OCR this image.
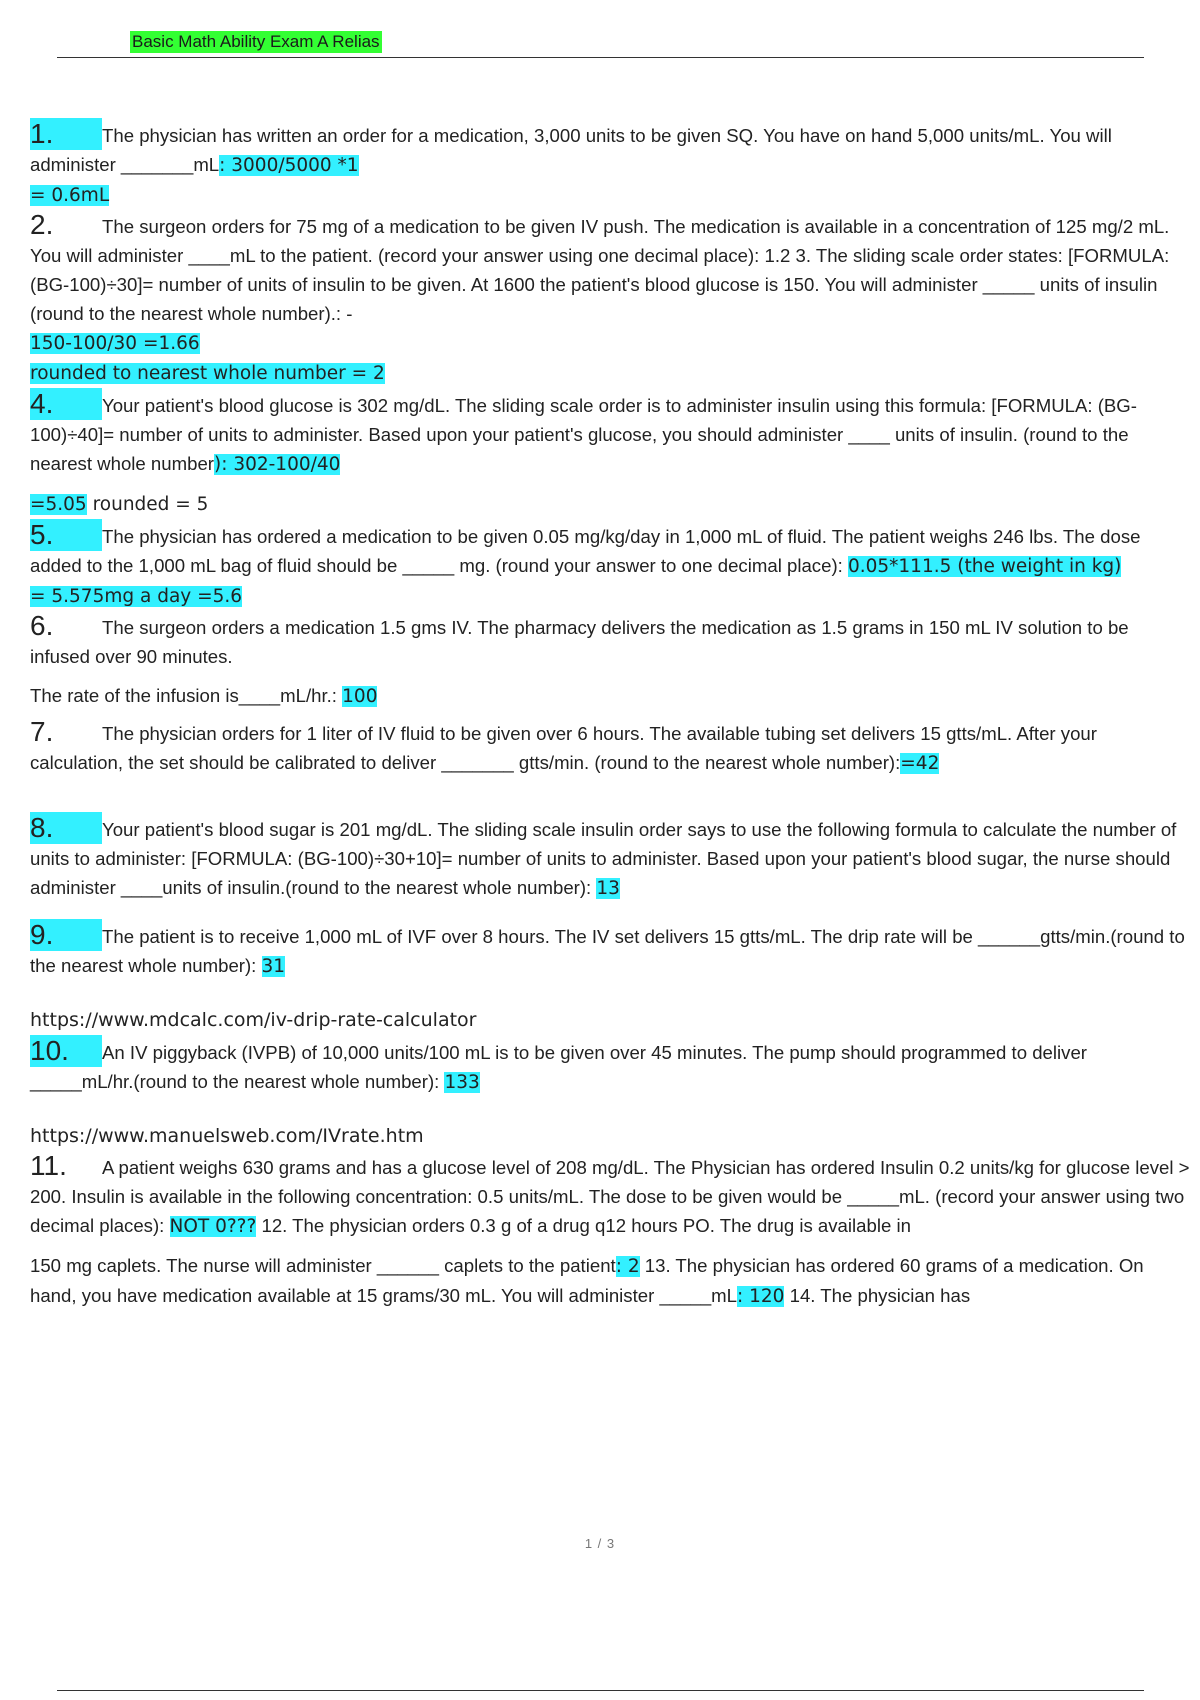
Basic Math Ability Exam A Relias

1.	The physician has written an order for a medication, 3,000 units to be given SQ. You have on hand 5,000 units/mL. You will administer _______mL: 3000/5000 *1

= 0.6mL

2.	The surgeon orders for 75 mg of a medication to be given IV push. The medication is available in a concentration of 125 mg/2 mL. You will administer ____mL to the patient. (record your answer using one decimal place): 1.2 3. The sliding scale order states: [FORMULA: (BG-100)÷30]= number of units of insulin to be given. At 1600 the patient's blood glucose is 150. You will administer _____ units of insulin (round to the nearest whole number).: -

150-100/30 =1.66

rounded to nearest whole number = 2

4.	Your patient's blood glucose is 302 mg/dL. The sliding scale order is to administer insulin using this formula: [FORMULA: (BG-100)÷40]= number of units to administer. Based upon your patient's glucose, you should administer ____ units of insulin. (round to the nearest whole number): 302-100/40

=5.05 rounded = 5

5.	The physician has ordered a medication to be given 0.05 mg/kg/day in 1,000 mL of fluid. The patient weighs 246 lbs. The dose added to the 1,000 mL bag of fluid should be _____ mg. (round your answer to one decimal place): 0.05*111.5 (the weight in kg)

= 5.575mg a day =5.6

6.	The surgeon orders a medication 1.5 gms IV. The pharmacy delivers the medication as 1.5 grams in 150 mL IV solution to be infused over 90 minutes.

The rate of the infusion is____mL/hr.: 100

7.	The physician orders for 1 liter of IV fluid to be given over 6 hours. The available tubing set delivers 15 gtts/mL. After your calculation, the set should be calibrated to deliver _______ gtts/min. (round to the nearest whole number):=42

8.	Your patient's blood sugar is 201 mg/dL. The sliding scale insulin order says to use the following formula to calculate the number of units to administer: [FORMULA: (BG-100)÷30+10]= number of units to administer. Based upon your patient's blood sugar, the nurse should administer ____units of insulin.(round to the nearest whole number): 13

9.	The patient is to receive 1,000 mL of IVF over 8 hours. The IV set delivers 15 gtts/mL. The drip rate will be ______gtts/min.(round to the nearest whole number): 31

https://www.mdcalc.com/iv-drip-rate-calculator

10. An IV piggyback (IVPB) of 10,000 units/100 mL is to be given over 45 minutes. The pump should programmed to deliver _____mL/hr.(round to the nearest whole number): 133

https://www.manuelsweb.com/IVrate.htm

11. A patient weighs 630 grams and has a glucose level of 208 mg/dL. The Physician has ordered Insulin 0.2 units/kg for glucose level > 200. Insulin is available in the following concentration: 0.5 units/mL. The dose to be given would be _____mL. (record your answer using two decimal places): NOT 0??? 12. The physician orders 0.3 g of a drug q12 hours PO. The drug is available in

150 mg caplets. The nurse will administer ______ caplets to the patient: 2 13. The physician has ordered 60 grams of a medication. On hand, you have medication available at 15 grams/30 mL. You will administer _____mL: 120 14. The physician has

1 / 3
